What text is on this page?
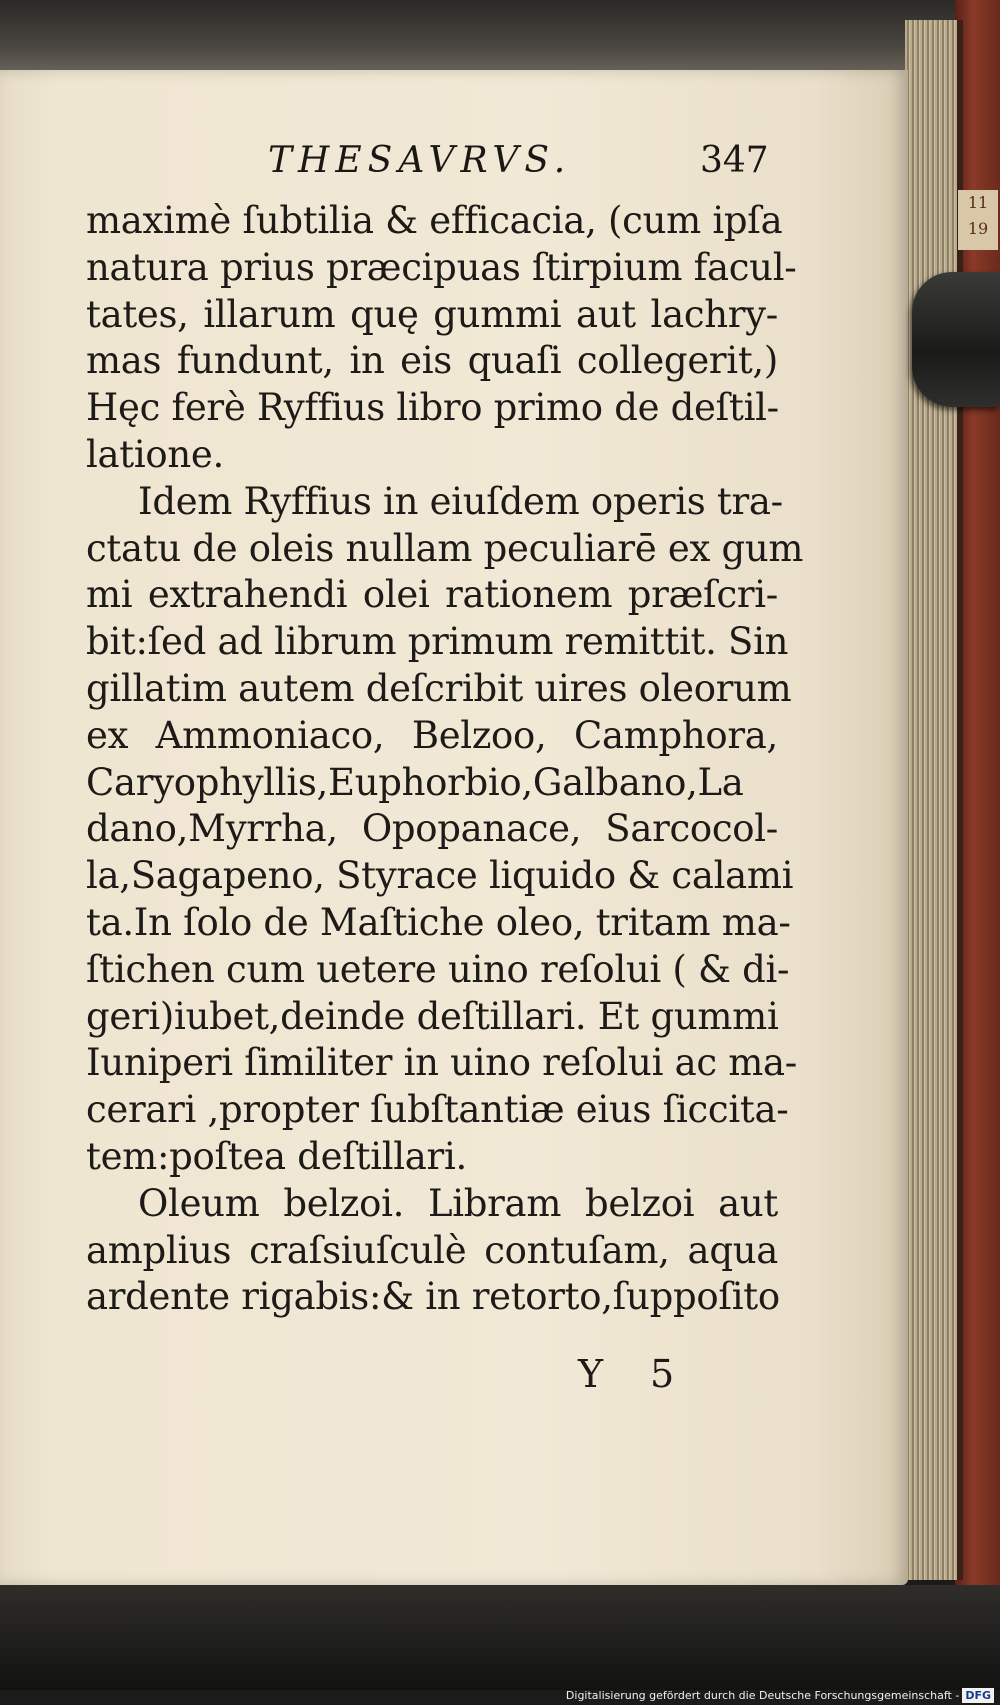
11
19
THESAVRVS.	347
maximè ſubtilia & efficacia, (cum ipſa
natura prius præcipuas ſtirpium facul-
tates, illarum quę gummi aut lachry-
mas fundunt, in eis quaſi collegerit,)
Hęc ferè Ryffius libro primo de deſtil-
latione.
Idem Ryffius in eiuſdem operis tra-
ctatu de oleis nullam peculiarē ex gum
mi extrahendi olei rationem præſcri-
bit:ſed ad librum primum remittit. Sin
gillatim autem deſcribit uires oleorum
ex Ammoniaco, Belzoo, Camphora,
Caryophyllis,Euphorbio,Galbano,La
dano,Myrrha, Opopanace, Sarcocol-
la,Sagapeno, Styrace liquido & calami
ta.In ſolo de Maſtiche oleo, tritam ma-
ſtichen cum uetere uino reſolui ( & di-
geri)iubet,deinde deſtillari. Et gummi
Iuniperi ſimiliter in uino reſolui ac ma-
cerari ,propter ſubſtantiæ eius ſiccita-
tem:poſtea deſtillari.
Oleum belzoi. Libram belzoi aut
amplius craſsiuſculè contuſam, aqua
ardente rigabis:& in retorto,ſuppoſito
Y 5
Digitalisierung gefördert durch die Deutsche Forschungsgemeinschaft - DFG
